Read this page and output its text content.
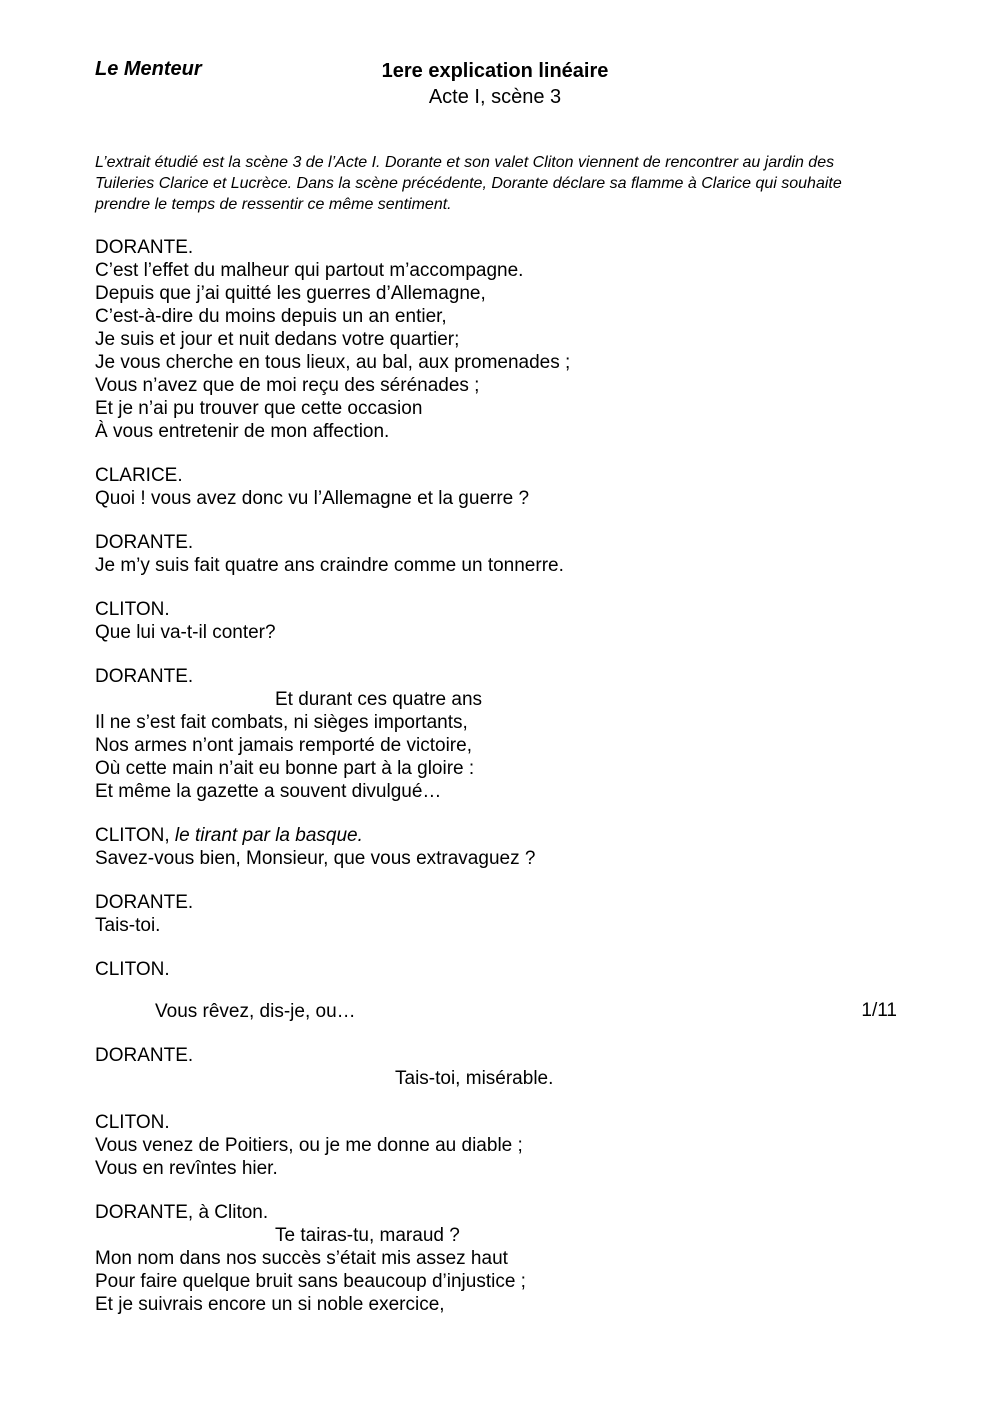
Le Menteur	1ere explication linéaire
Acte I, scène 3
L’extrait étudié est la scène 3 de l’Acte I. Dorante et son valet Cliton viennent de rencontrer au jardin des Tuileries Clarice et Lucrèce. Dans la scène précédente, Dorante déclare sa flamme à Clarice qui souhaite prendre le temps de ressentir ce même sentiment.
DORANTE.
C’est l’effet du malheur qui partout m’accompagne.
Depuis que j’ai quitté les guerres d’Allemagne,
C’est-à-dire du moins depuis un an entier,
Je suis et jour et nuit dedans votre quartier;
Je vous cherche en tous lieux, au bal, aux promenades ;
Vous n’avez que de moi reçu des sérénades ;
Et je n’ai pu trouver que cette occasion
À vous entretenir de mon affection.
CLARICE.
Quoi ! vous avez donc vu l’Allemagne et la guerre ?
DORANTE.
Je m’y suis fait quatre ans craindre comme un tonnerre.
CLITON.
Que lui va-t-il conter?
DORANTE.
Et durant ces quatre ans
Il ne s’est fait combats, ni sièges importants,
Nos armes n’ont jamais remporté de victoire,
Où cette main n’ait eu bonne part à la gloire :
Et même la gazette a souvent divulgué…
CLITON, le tirant par la basque.
Savez-vous bien, Monsieur, que vous extravaguez ?
DORANTE.
Tais-toi.
CLITON.
Vous rêvez, dis-je, ou…
DORANTE.
Tais-toi, misérable.
CLITON.
Vous venez de Poitiers, ou je me donne au diable ;
Vous en revîntes hier.
DORANTE, à Cliton.
Te tairas-tu, maraud ?
Mon nom dans nos succès s’était mis assez haut
Pour faire quelque bruit sans beaucoup d’injustice ;
Et je suivrais encore un si noble exercice,
1/11
